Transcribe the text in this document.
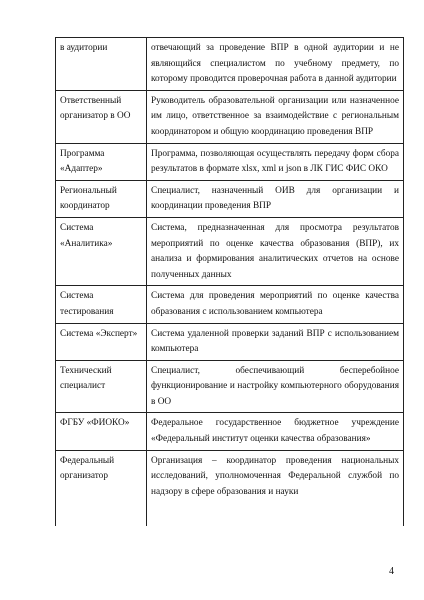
в аудитории	отвечающий за проведение ВПР в одной аудитории и не являющийся специалистом по учебному предмету, по которому проводится проверочная работа в данной аудитории
Ответственный организатор в ОО	Руководитель образовательной организации или назначенное им лицо, ответственное за взаимодействие с региональным координатором и общую координацию проведения ВПР
Программа «Адаптер»	Программа, позволяющая осуществлять передачу форм сбора результатов в формате xlsx, xml и json в ЛК ГИС ФИС ОКО
Региональный координатор	Специалист, назначенный ОИВ для организации и координации проведения ВПР
Система «Аналитика»	Система, предназначенная для просмотра результатов мероприятий по оценке качества образования (ВПР), их анализа и формирования аналитических отчетов на основе полученных данных
Система тестирования	Система для проведения мероприятий по оценке качества образования с использованием компьютера
Система «Эксперт»	Система удаленной проверки заданий ВПР с использованием компьютера
Технический специалист	Специалист, обеспечивающий бесперебойное функционирование и настройку компьютерного оборудования в ОО
ФГБУ «ФИОКО»	Федеральное государственное бюджетное учреждение «Федеральный институт оценки качества образования»
Федеральный организатор	Организация – координатор проведения национальных исследований, уполномоченная Федеральной службой по надзору в сфере образования и науки
4
